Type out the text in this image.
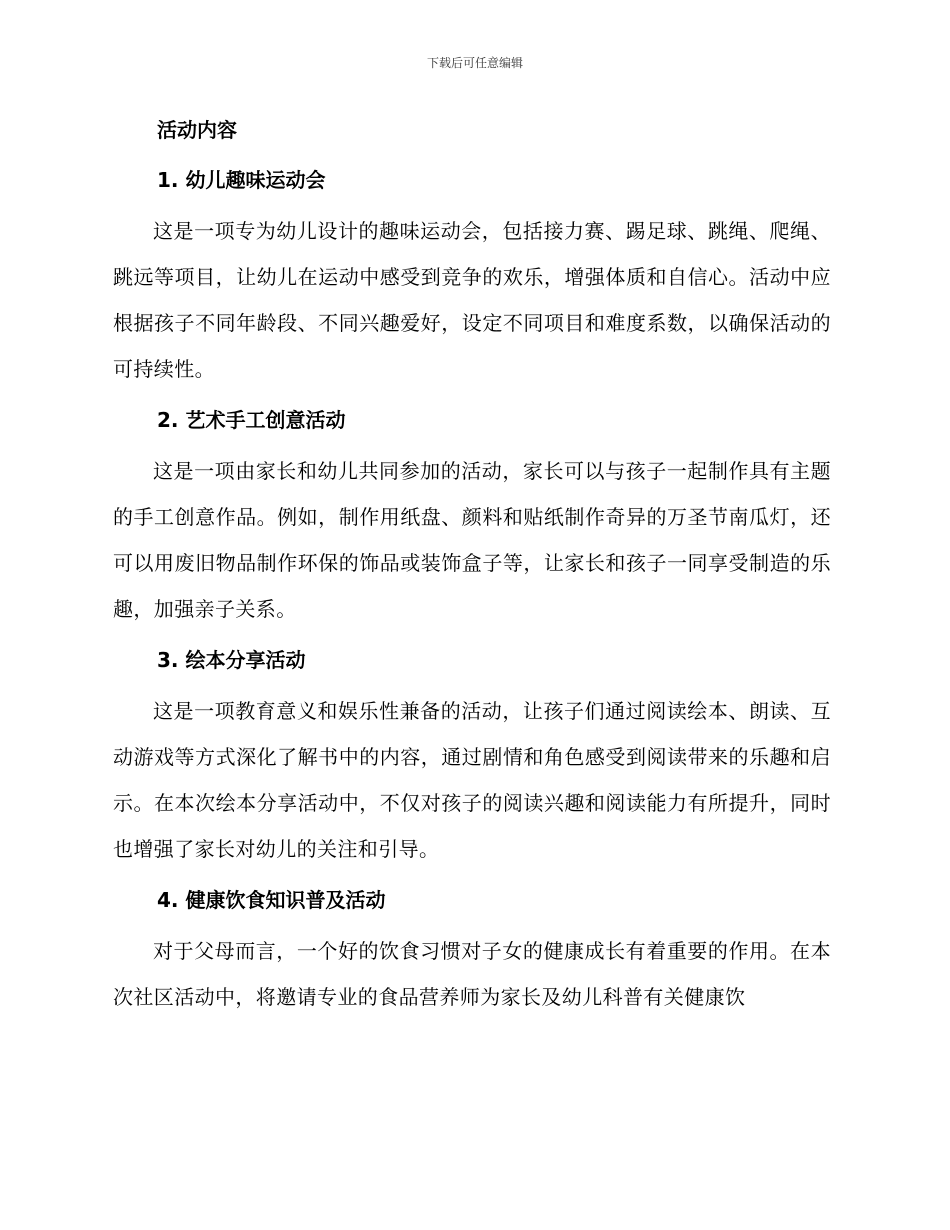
下载后可任意编辑
活动内容
1. 幼儿趣味运动会

这是一项专为幼儿设计的趣味运动会，包括接力赛、踢足球、跳绳、爬绳、跳远等项目，让幼儿在运动中感受到竞争的欢乐，增强体质和自信心。活动中应根据孩子不同年龄段、不同兴趣爱好，设定不同项目和难度系数，以确保活动的可持续性。

2. 艺术手工创意活动

这是一项由家长和幼儿共同参加的活动，家长可以与孩子一起制作具有主题的手工创意作品。例如，制作用纸盘、颜料和贴纸制作奇异的万圣节南瓜灯，还可以用废旧物品制作环保的饰品或装饰盒子等，让家长和孩子一同享受制造的乐趣，加强亲子关系。

3. 绘本分享活动

这是一项教育意义和娱乐性兼备的活动，让孩子们通过阅读绘本、朗读、互动游戏等方式深化了解书中的内容，通过剧情和角色感受到阅读带来的乐趣和启示。在本次绘本分享活动中，不仅对孩子的阅读兴趣和阅读能力有所提升，同时也增强了家长对幼儿的关注和引导。

4. 健康饮食知识普及活动

对于父母而言，一个好的饮食习惯对子女的健康成长有着重要的作用。在本次社区活动中，将邀请专业的食品营养师为家长及幼儿科普有关健康饮
